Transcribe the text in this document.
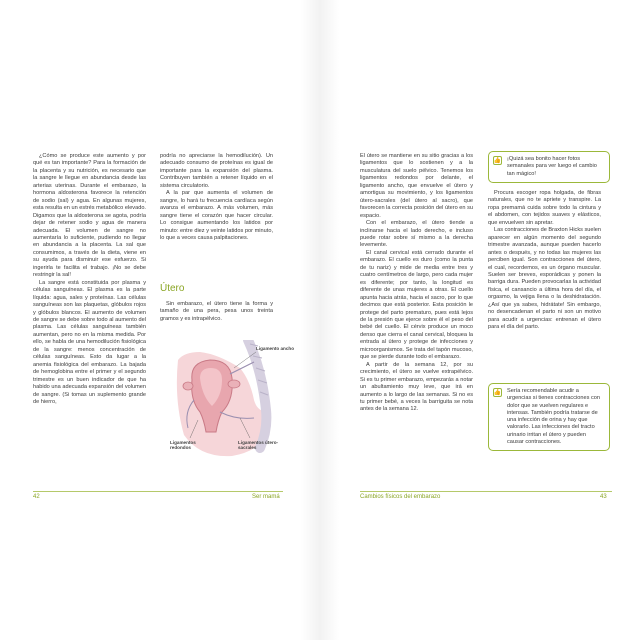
¿Cómo se produce este aumento y por qué es tan importante? Para la formación de la placenta y su nutrición, es necesario que la sangre le llegue en abundancia desde las arterias uterinas. Durante el embarazo, la hormona aldosterona favorece la retención de sodio (sal) y agua. En algunas mujeres, esta resulta en un estrés metabólico elevado. Digamos que la aldosterona se agota, podría dejar de retener sodio y agua de manera adecuada. El volumen de sangre no aumentaría lo suficiente, pudiendo no llegar en abundancia a la placenta. La sal que consumimos, a través de la dieta, viene en su ayuda para disminuir ese esfuerzo. Si ingerirla te facilita el trabajo. ¡No se debe restringir la sal!

La sangre está constituida por plasma y células sanguíneas. El plasma es la parte líquida: agua, sales y proteínas. Las células sanguíneas son las plaquetas, glóbulos rojos y glóbulos blancos. El aumento de volumen de sangre se debe sobre todo al aumento del plasma. Las células sanguíneas también aumentan, pero no en la misma medida. Por ello, se habla de una hemodilución fisiológica de la sangre: menos concentración de células sanguíneas. Esto da lugar a la anemia fisiológica del embarazo. La bajada de hemoglobina entre el primer y el segundo trimestre es un buen indicador de que ha habido una adecuada expansión del volumen de sangre. (Si tomas un suplemento grande de hierro,

podría no apreciarse la hemodilución). Un adecuado consumo de proteínas es igual de importante para la expansión del plasma. Contribuyen también a retener líquido en el sistema circulatorio.

A la par que aumenta el volumen de sangre, lo hará tu frecuencia cardíaca según avanza el embarazo. A más volumen, más sangre tiene el corazón que hacer circular. Lo consigue aumentando los latidos por minuto: entre diez y veinte latidos por minuto, lo que a veces causa palpitaciones.

Útero

Sin embarazo, el útero tiene la forma y tamaño de una pera, pesa unos treinta gramos y es intrapélvico.

Ligamento ancho
Ligamentos redondos
Ligamentos útero-sacrales

El útero se mantiene en su sitio gracias a los ligamentos que lo sostienen y a la musculatura del suelo pélvico. Tenemos los ligamentos redondos por delante, el ligamento ancho, que envuelve el útero y amortigua su movimiento, y los ligamentos útero-sacrales (del útero al sacro), que favorecen la correcta posición del útero en su espacio.

Con el embarazo, el útero tiende a inclinarse hacia el lado derecho, e incluso puede rotar sobre sí mismo a la derecha levemente.

El canal cervical está cerrado durante el embarazo. El cuello es duro (como la punta de tu nariz) y mide de media entre tres y cuatro centímetros de largo, pero cada mujer es diferente; por tanto, la longitud es diferente de unas mujeres a otras. El cuello apunta hacia atrás, hacia el sacro, por lo que decimos que está posterior. Esta posición le protege del parto prematuro, pues está lejos de la presión que ejerce sobre él el peso del bebé del cuello. El cérvix produce un moco denso que cierra el canal cervical, bloquea la entrada al útero y protege de infecciones y microorganismos. Se trata del tapón mucoso, que se pierde durante todo el embarazo.

A partir de la semana 12, por su crecimiento, el útero se vuelve extrapélvico. Si es tu primer embarazo, empezarás a notar un abultamiento muy leve, que irá en aumento a lo largo de las semanas. Si no es tu primer bebé, a veces la barriguita se nota antes de la semana 12.

👍 ¡Quizá sea bonito hacer fotos semanales para ver luego el cambio tan mágico!

Procura escoger ropa holgada, de fibras naturales, que no te apriete y transpire. La ropa premamá cuida sobre todo la cintura y el abdomen, con tejidos suaves y elásticos, que envuelven sin apretar.

Las contracciones de Braxton Hicks suelen aparecer en algún momento del segundo trimestre avanzada, aunque pueden hacerlo antes o después, y no todas las mujeres las perciben igual. Son contracciones del útero, el cual, recordemos, es un órgano muscular. Suelen ser breves, esporádicas y ponen la barriga dura. Pueden provocarlas la actividad física, el cansancio a última hora del día, el orgasmo, la vejiga llena o la deshidratación. ¿Así que ya sabes, hidrátate! Sin embargo, no desencadenan el parto ni son un motivo para acudir a urgencias: entrenan el útero para el día del parto.

👍 Sería recomendable acudir a urgencias si tienes contracciones con dolor que se vuelven regulares e intensas. También podría tratarse de una infección de orina y hay que valorarlo. Las infecciones del tracto urinario irritan el útero y pueden causar contracciones.
42	Ser mamá	Cambios físicos del embarazo	43
